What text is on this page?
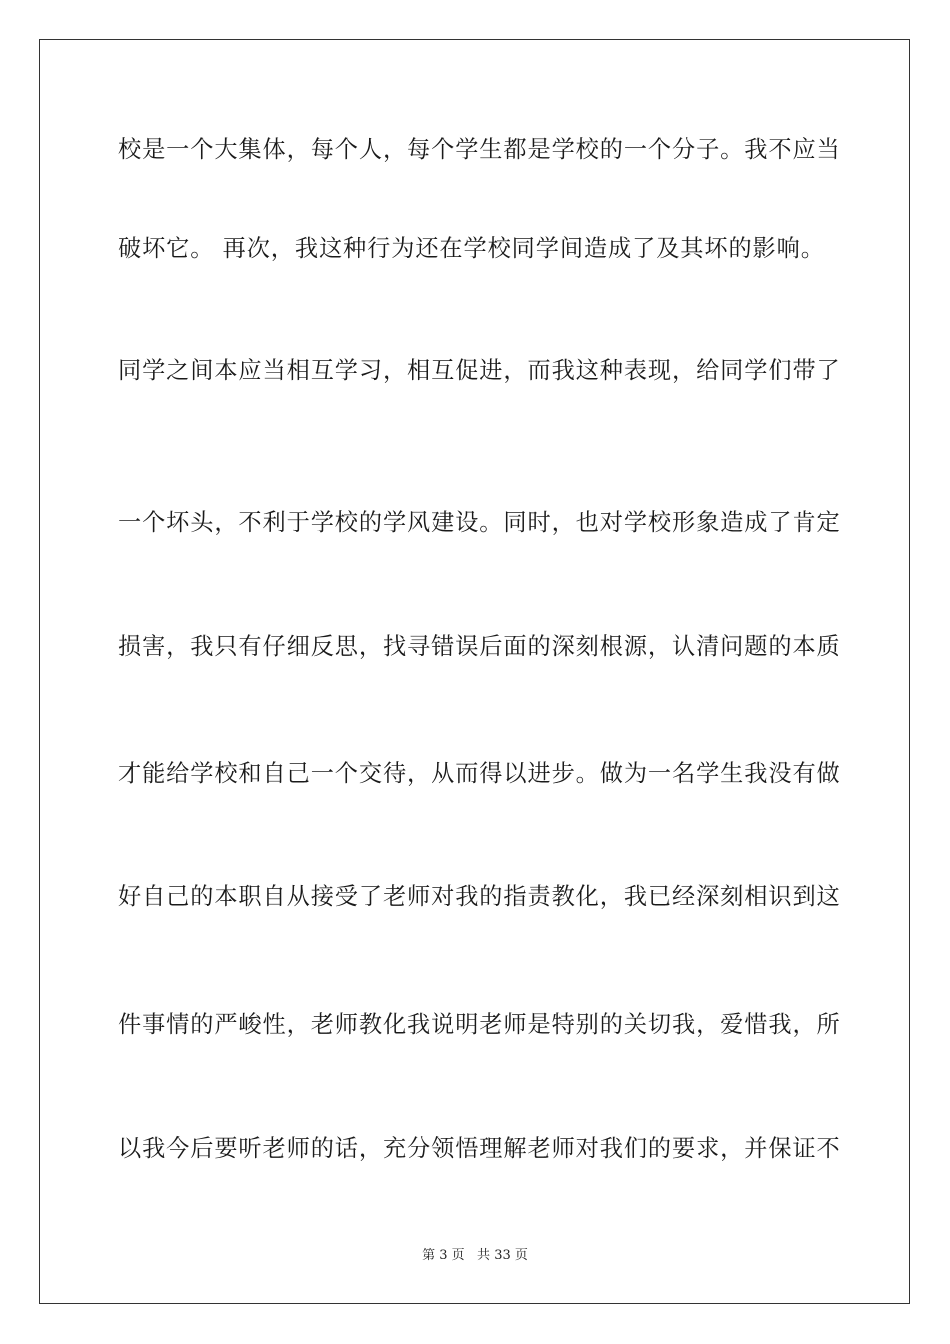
校是一个大集体，每个人，每个学生都是学校的一个分子。我不应当
破坏它。 再次，我这种行为还在学校同学间造成了及其坏的影响。
同学之间本应当相互学习，相互促进，而我这种表现，给同学们带了
一个坏头，不利于学校的学风建设。同时，也对学校形象造成了肯定
损害，我只有仔细反思，找寻错误后面的深刻根源，认清问题的本质
才能给学校和自己一个交待，从而得以进步。做为一名学生我没有做
好自己的本职自从接受了老师对我的指责教化，我已经深刻相识到这
件事情的严峻性，老师教化我说明老师是特别的关切我，爱惜我，所
以我今后要听老师的话，充分领悟理解老师对我们的要求，并保证不
第 3 页   共 33 页
